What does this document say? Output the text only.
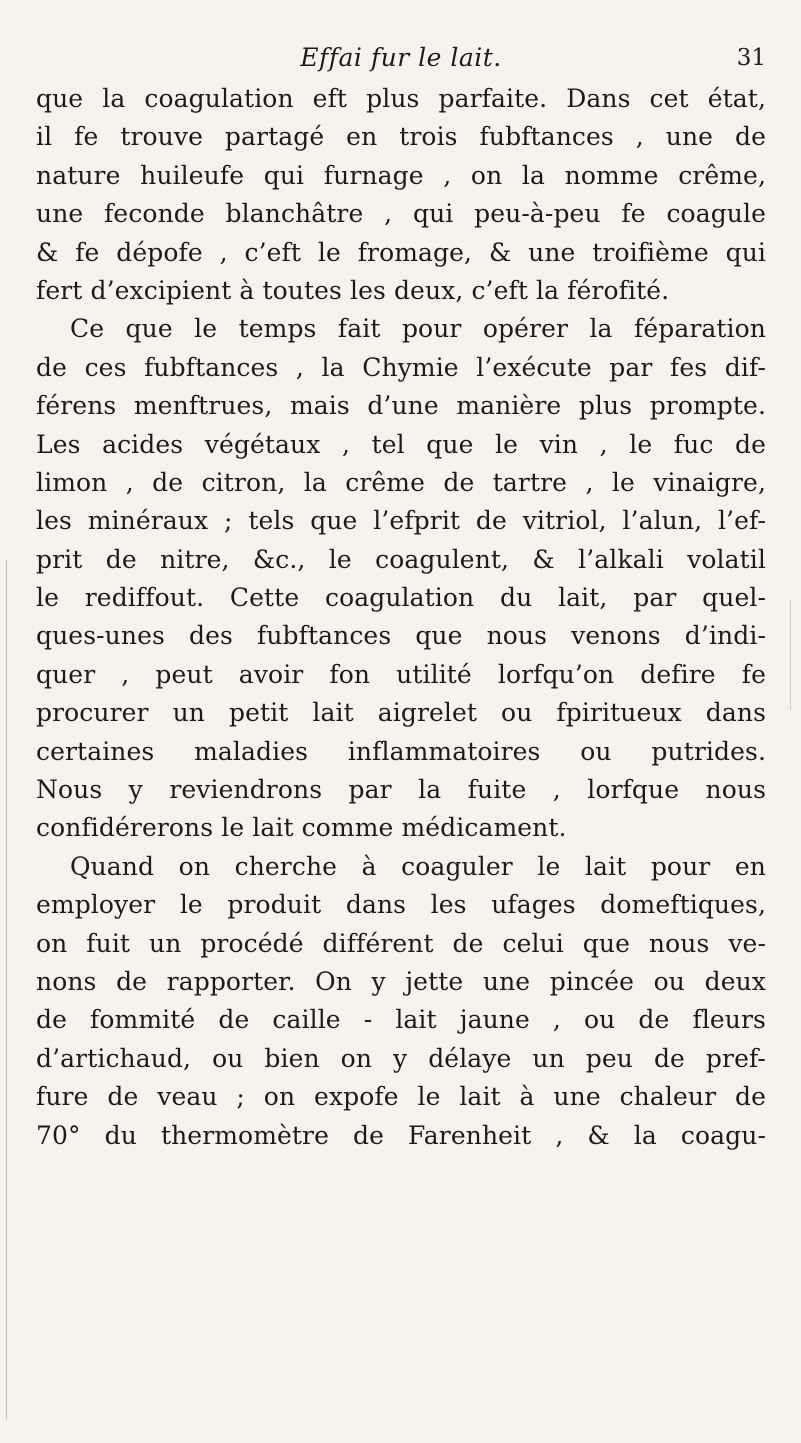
Effai fur le lait.	31
que la coagulation eft plus parfaite. Dans cet état,
il fe trouve partagé en trois fubftances , une de
nature huileufe qui furnage , on la nomme crême,
une feconde blanchâtre , qui peu-à-peu fe coagule
& fe dépofe , c’eft le fromage, & une troifième qui
fert d’excipient à toutes les deux, c’eft la férofité.
Ce que le temps fait pour opérer la féparation
de ces fubftances , la Chymie l’exécute par fes dif-
férens menftrues, mais d’une manière plus prompte.
Les acides végétaux , tel que le vin , le fuc de
limon , de citron, la crême de tartre , le vinaigre,
les minéraux ; tels que l’efprit de vitriol, l’alun, l’ef-
prit de nitre, &c., le coagulent, & l’alkali volatil
le rediffout. Cette coagulation du lait, par quel-
ques-unes des fubftances que nous venons d’indi-
quer , peut avoir fon utilité lorfqu’on defire fe
procurer un petit lait aigrelet ou fpiritueux dans
certaines maladies inflammatoires ou putrides.
Nous y reviendrons par la fuite , lorfque nous
confidérerons le lait comme médicament.
Quand on cherche à coaguler le lait pour en
employer le produit dans les ufages domeftiques,
on fuit un procédé différent de celui que nous ve-
nons de rapporter. On y jette une pincée ou deux
de fommité de caille - lait jaune , ou de fleurs
d’artichaud, ou bien on y délaye un peu de pref-
fure de veau ; on expofe le lait à une chaleur de
70° du thermomètre de Farenheit , & la coagu-
